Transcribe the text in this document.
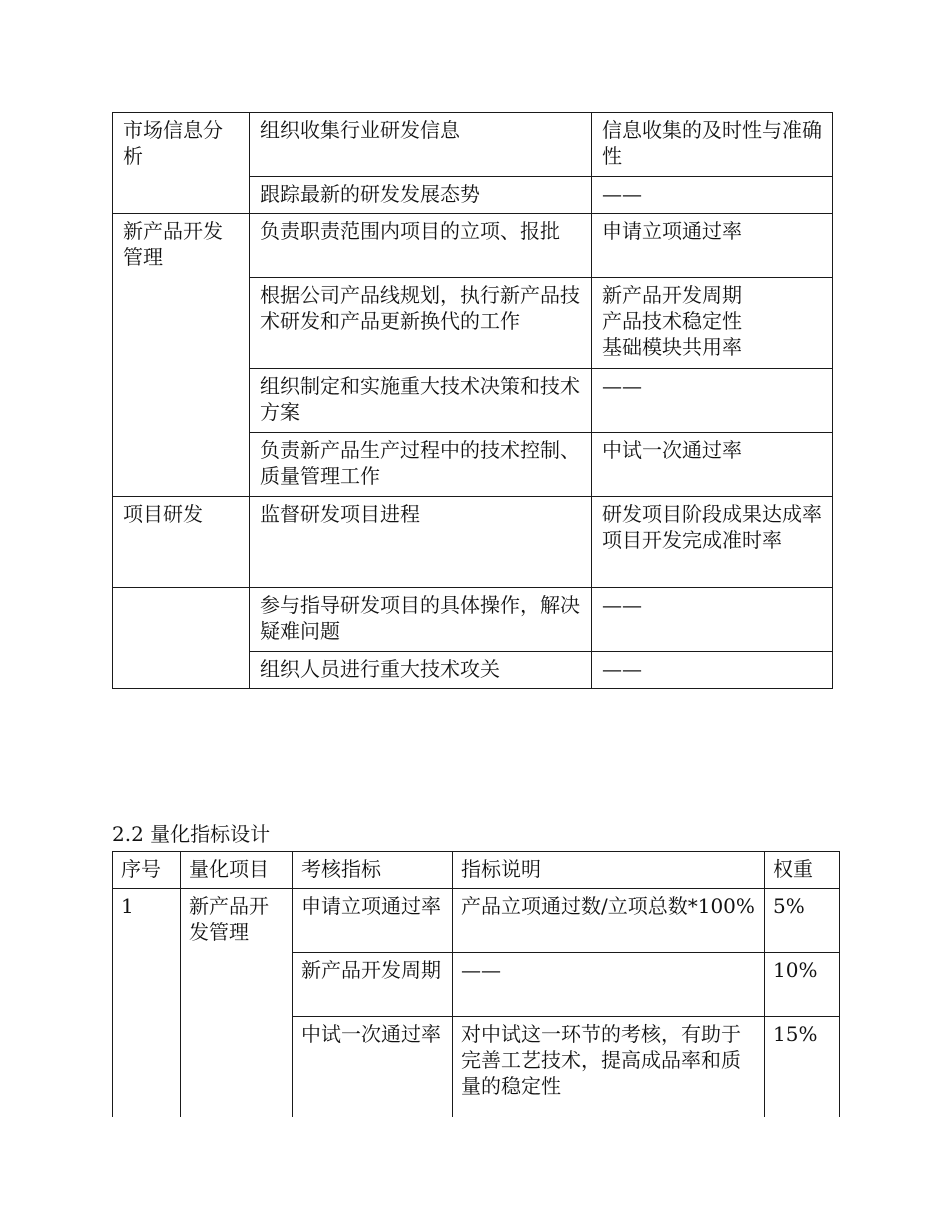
市场信息分析	组织收集行业研发信息	信息收集的及时性与准确性

	跟踪最新的研发发展态势	——

新产品开发管理	负责职责范围内项目的立项、报批	申请立项通过率

	根据公司产品线规划，执行新产品技术研发和产品更新换代的工作	新产品开发周期
产品技术稳定性
基础模块共用率

	组织制定和实施重大技术决策和技术方案	——

	负责新产品生产过程中的技术控制、质量管理工作	中试一次通过率

项目研发	监督研发项目进程	研发项目阶段成果达成率　项目开发完成准时率

	参与指导研发项目的具体操作，解决疑难问题	——

	组织人员进行重大技术攻关	——
2.2 量化指标设计
序号	量化项目	考核指标	指标说明	权重
1	新产品开发管理	申请立项通过率	产品立项通过数/立项总数*100%	5%
		新产品开发周期	——	10%
		中试一次通过率	对中试这一环节的考核，有助于完善工艺技术，提高成品率和质量的稳定性	15%
